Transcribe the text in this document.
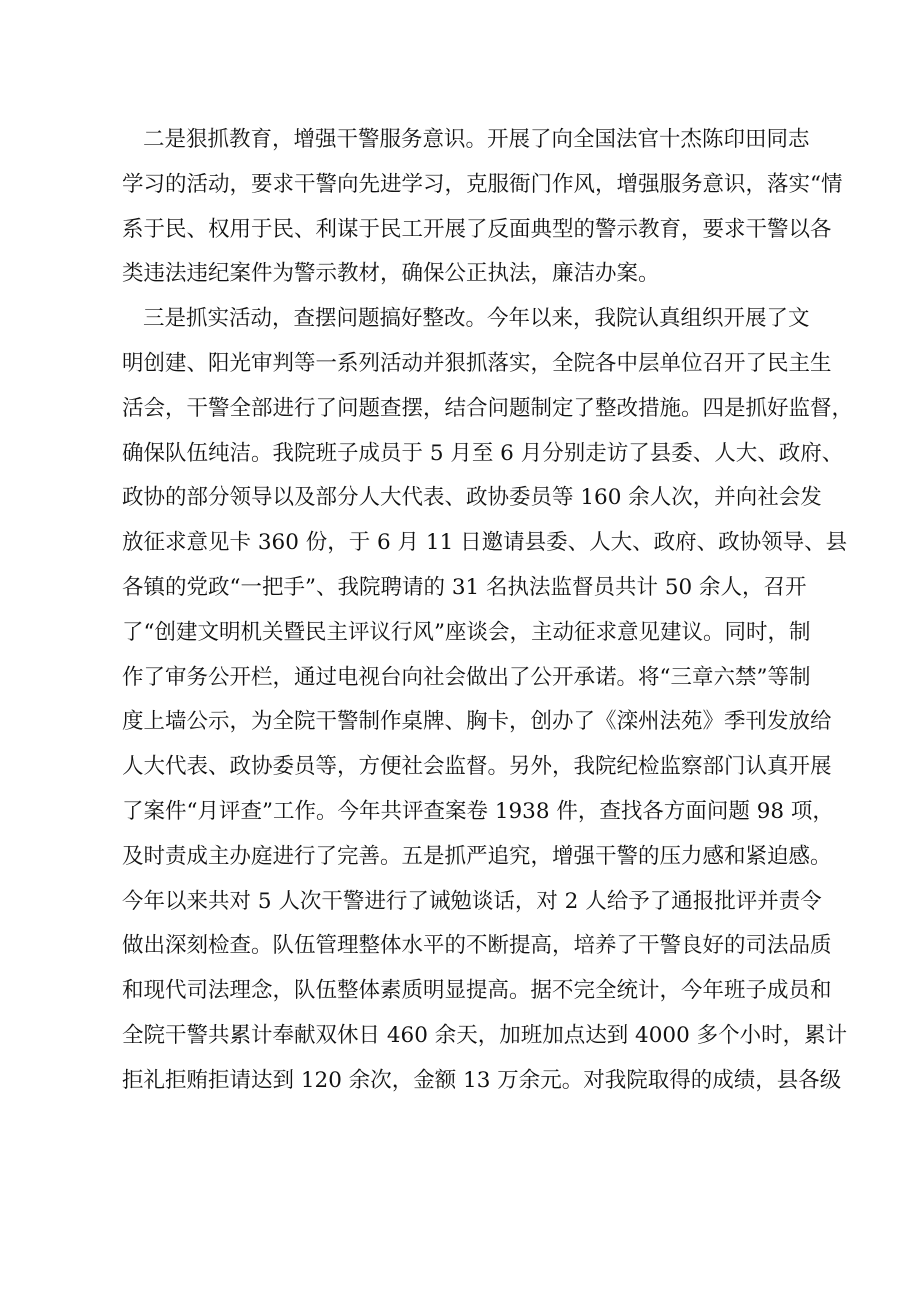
二是狠抓教育，增强干警服务意识。开展了向全国法官十杰陈印田同志
学习的活动，要求干警向先进学习，克服衙门作风，增强服务意识，落实“情
系于民、权用于民、利谋于民工开展了反面典型的警示教育，要求干警以各
类违法违纪案件为警示教材，确保公正执法，廉洁办案。
三是抓实活动，查摆问题搞好整改。今年以来，我院认真组织开展了文
明创建、阳光审判等一系列活动并狠抓落实，全院各中层单位召开了民主生
活会，干警全部进行了问题查摆，结合问题制定了整改措施。四是抓好监督，
确保队伍纯洁。我院班子成员于 5 月至 6 月分别走访了县委、人大、政府、
政协的部分领导以及部分人大代表、政协委员等 160 余人次，并向社会发
放征求意见卡 360 份，于 6 月 11 日邀请县委、人大、政府、政协领导、县
各镇的党政“一把手”、我院聘请的 31 名执法监督员共计 50 余人，召开
了“创建文明机关暨民主评议行风”座谈会，主动征求意见建议。同时，制
作了审务公开栏，通过电视台向社会做出了公开承诺。将“三章六禁”等制
度上墙公示，为全院干警制作桌牌、胸卡，创办了《滦州法苑》季刊发放给
人大代表、政协委员等，方便社会监督。另外，我院纪检监察部门认真开展
了案件“月评查”工作。今年共评查案卷 1938 件，查找各方面问题 98 项，
及时责成主办庭进行了完善。五是抓严追究，增强干警的压力感和紧迫感。
今年以来共对 5 人次干警进行了诫勉谈话，对 2 人给予了通报批评并责令
做出深刻检查。队伍管理整体水平的不断提高，培养了干警良好的司法品质
和现代司法理念，队伍整体素质明显提高。据不完全统计，今年班子成员和
全院干警共累计奉献双休日 460 余天，加班加点达到 4000 多个小时，累计
拒礼拒贿拒请达到 120 余次，金额 13 万余元。对我院取得的成绩，县各级
